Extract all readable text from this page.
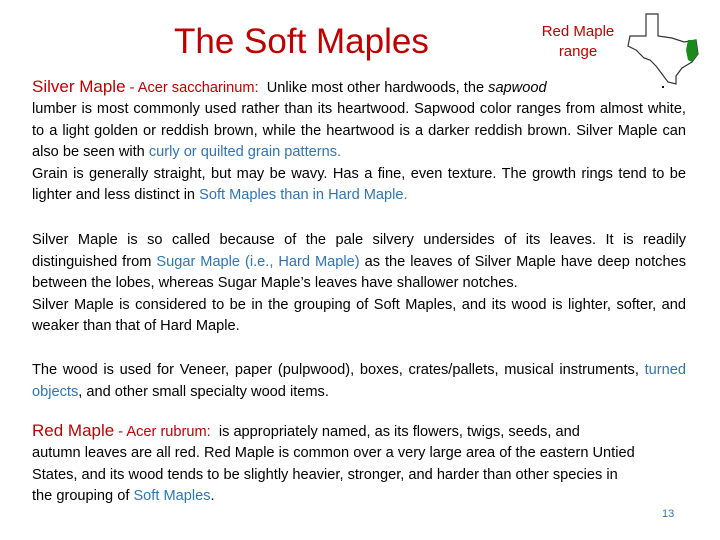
The Soft Maples	Red Maple
range
Silver Maple - Acer saccharinum: Unlike most other hardwoods, the sapwood
lumber is most commonly used rather than its heartwood. Sapwood color ranges from almost white, to a light golden or reddish brown, while the heartwood is a darker reddish brown. Silver Maple can also be seen with curly or quilted grain patterns.
Grain is generally straight, but may be wavy. Has a fine, even texture. The growth rings tend to be lighter and less distinct in Soft Maples than in Hard Maple.
Silver Maple is so called because of the pale silvery undersides of its leaves. It is readily distinguished from Sugar Maple (i.e., Hard Maple) as the leaves of Silver Maple have deep notches between the lobes, whereas Sugar Maple’s leaves have shallower notches.
Silver Maple is considered to be in the grouping of Soft Maples, and its wood is lighter, softer, and weaker than that of Hard Maple.
The wood is used for Veneer, paper (pulpwood), boxes, crates/pallets, musical instruments, turned objects, and other small specialty wood items.
Red Maple - Acer rubrum: is appropriately named, as its flowers, twigs, seeds, and
autumn leaves are all red. Red Maple is common over a very large area of the eastern Untied States, and its wood tends to be slightly heavier, stronger, and harder than other species in the grouping of Soft Maples.
13
